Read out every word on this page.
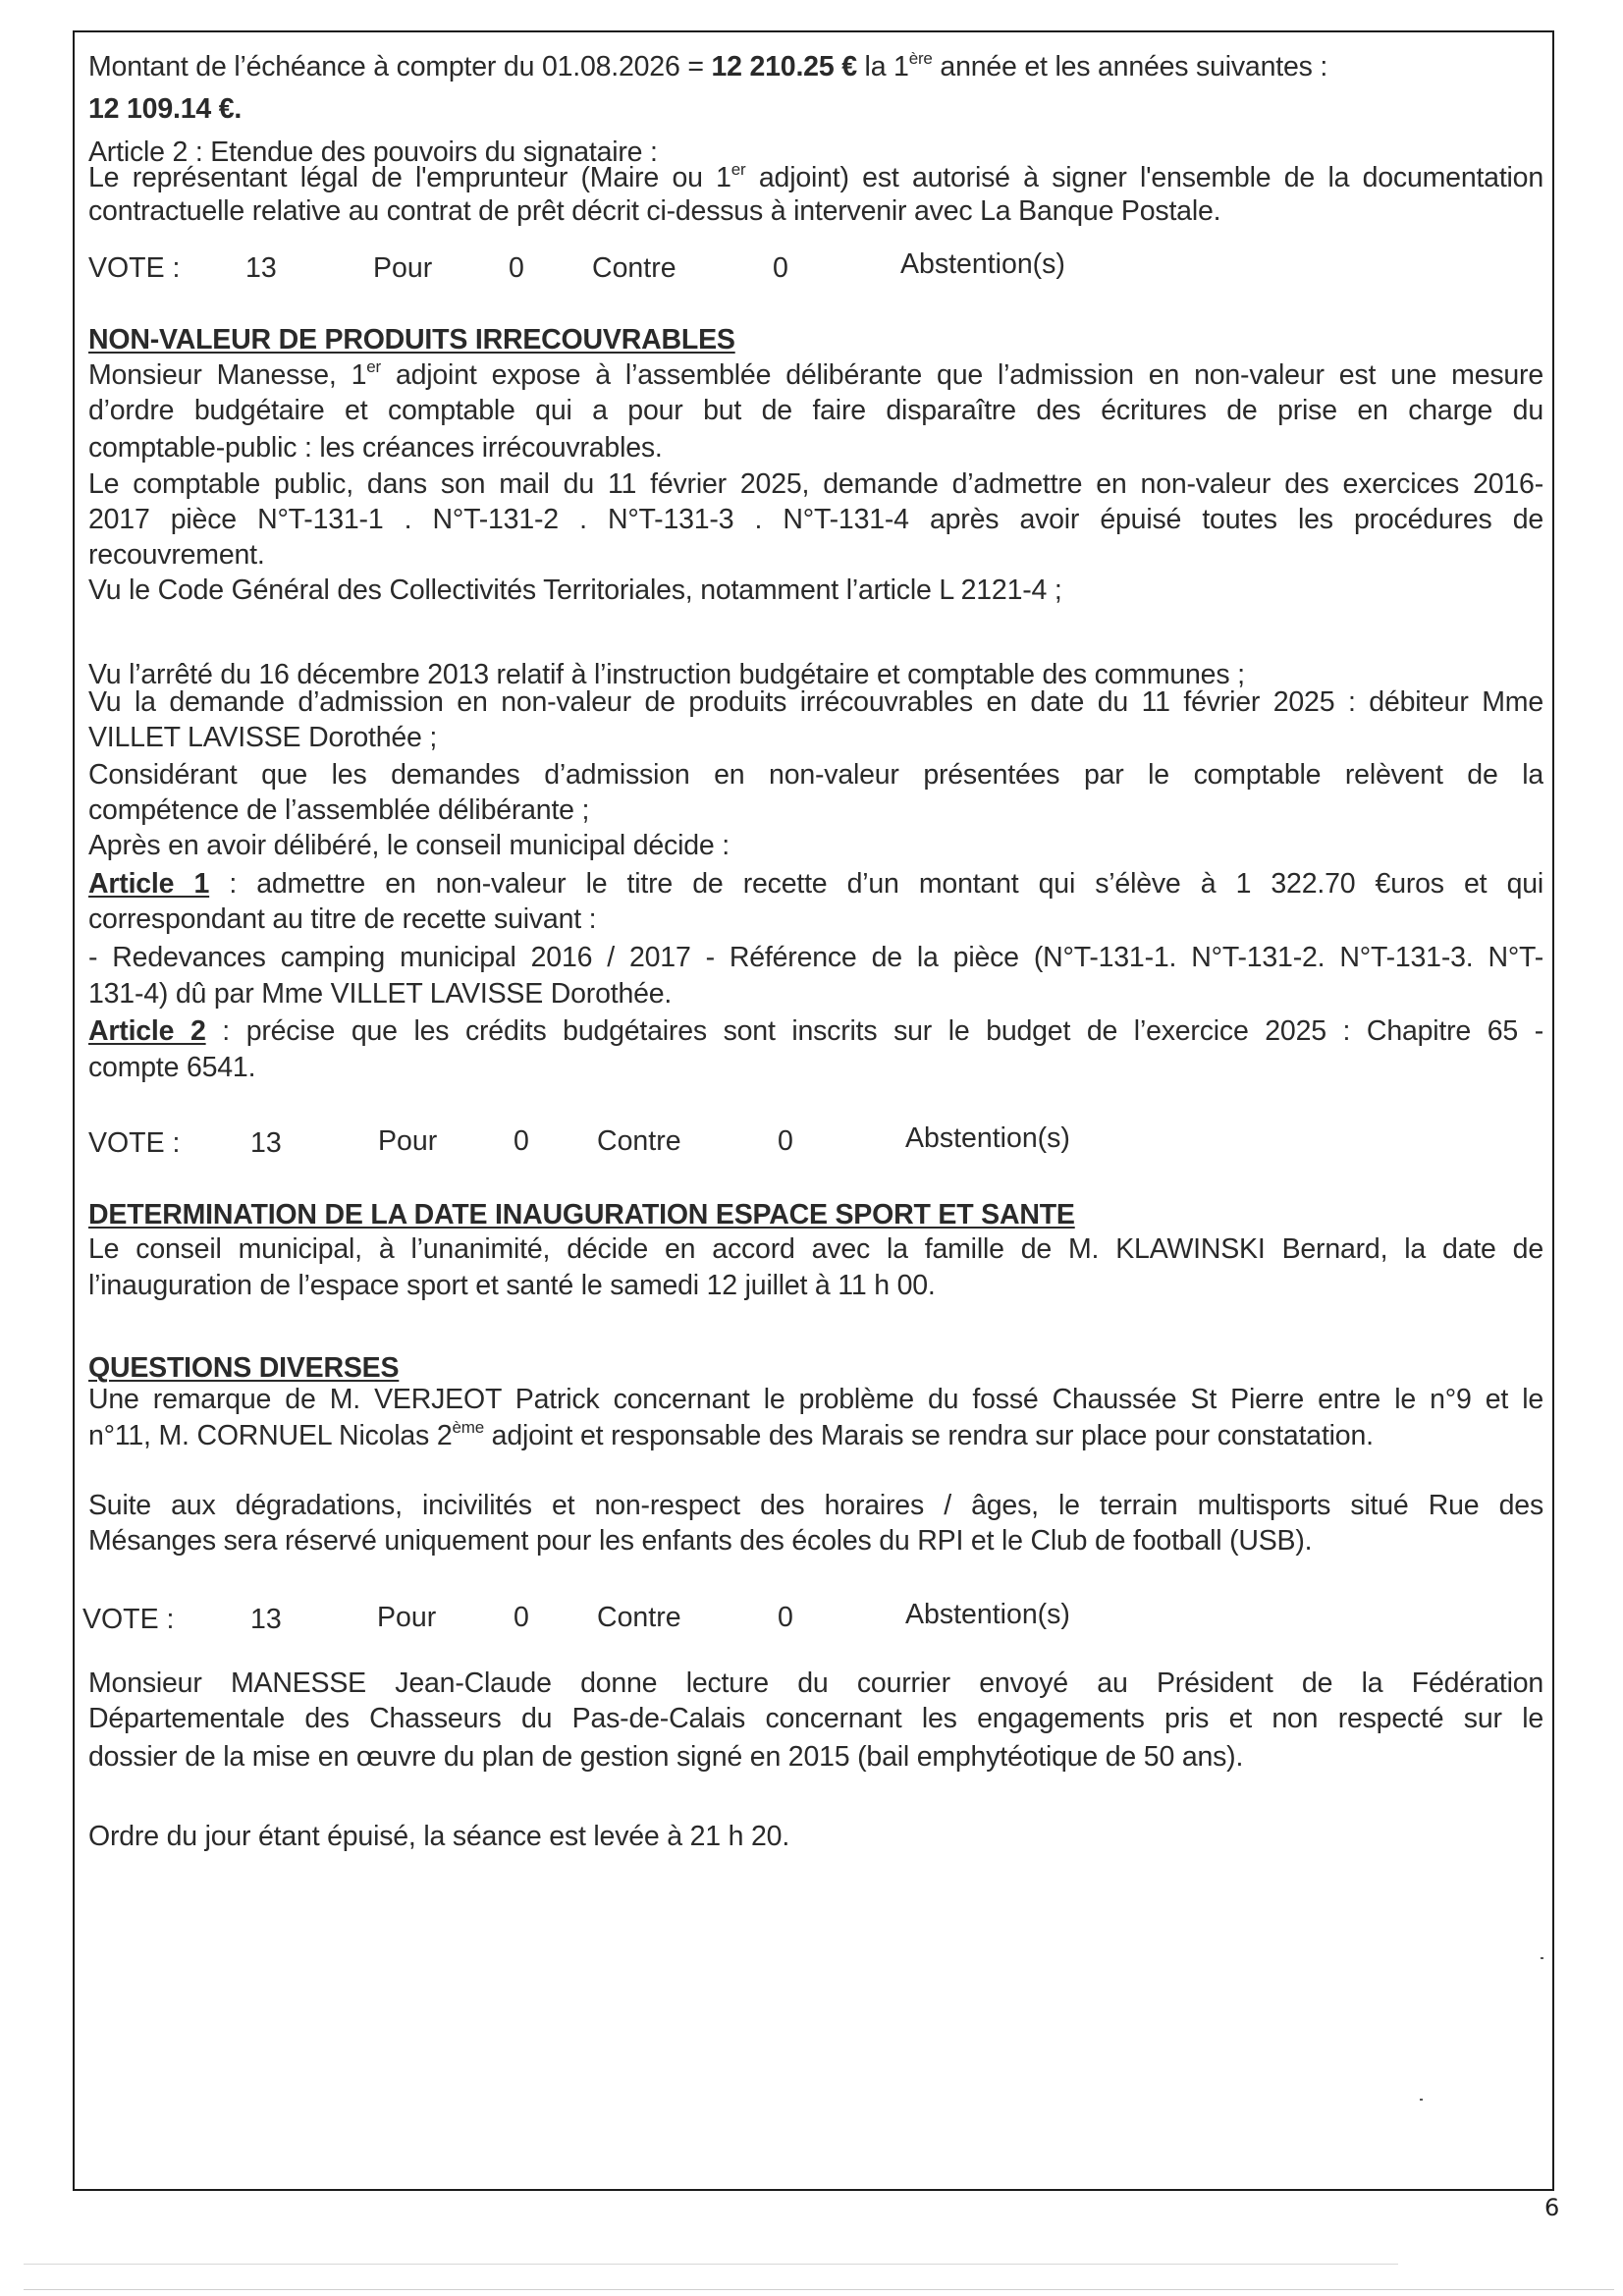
Montant de l’échéance à compter du 01.08.2026 = 12 210.25 € la 1ère année et les années suivantes :
12 109.14 €.
Article 2 : Etendue des pouvoirs du signataire :
Le représentant légal de l'emprunteur (Maire ou 1er adjoint) est autorisé à signer l'ensemble de la documentation
contractuelle relative au contrat de prêt décrit ci-dessus à intervenir avec La Banque Postale.
VOTE : 13	Pour	0 Contre	0	Abstention(s)
NON-VALEUR DE PRODUITS IRRECOUVRABLES
Monsieur Manesse, 1er adjoint expose à l’assemblée délibérante que l’admission en non-valeur est une mesure
d’ordre budgétaire et comptable qui a pour but de faire disparaître des écritures de prise en charge du
comptable-public : les créances irrécouvrables.
Le comptable public, dans son mail du 11 février 2025, demande d’admettre en non-valeur des exercices 2016-
2017 pièce N°T-131-1 . N°T-131-2 . N°T-131-3 . N°T-131-4 après avoir épuisé toutes les procédures de
recouvrement.
Vu le Code Général des Collectivités Territoriales, notamment l’article L 2121-4 ;
Vu l’arrêté du 16 décembre 2013 relatif à l’instruction budgétaire et comptable des communes ;
Vu la demande d’admission en non-valeur de produits irrécouvrables en date du 11 février 2025 : débiteur Mme
VILLET LAVISSE Dorothée ;
Considérant que les demandes d’admission en non-valeur présentées par le comptable relèvent de la
compétence de l’assemblée délibérante ;
Après en avoir délibéré, le conseil municipal décide :
Article 1 : admettre en non-valeur le titre de recette d’un montant qui s’élève à 1 322.70 €uros et qui
correspondant au titre de recette suivant :
- Redevances camping municipal 2016 / 2017 - Référence de la pièce (N°T-131-1. N°T-131-2. N°T-131-3. N°T-
131-4) dû par Mme VILLET LAVISSE Dorothée.
Article 2 : précise que les crédits budgétaires sont inscrits sur le budget de l’exercice 2025 : Chapitre 65 -
compte 6541.
VOTE :	13	Pour	0 Contre	0	Abstention(s)
DETERMINATION DE LA DATE INAUGURATION ESPACE SPORT ET SANTE
Le conseil municipal, à l’unanimité, décide en accord avec la famille de M. KLAWINSKI Bernard, la date de
l’inauguration de l’espace sport et santé le samedi 12 juillet à 11 h 00.
QUESTIONS DIVERSES
Une remarque de M. VERJEOT Patrick concernant le problème du fossé Chaussée St Pierre entre le n°9 et le
n°11, M. CORNUEL Nicolas 2ème adjoint et responsable des Marais se rendra sur place pour constatation.
Suite aux dégradations, incivilités et non-respect des horaires / âges, le terrain multisports situé Rue des
Mésanges sera réservé uniquement pour les enfants des écoles du RPI et le Club de football (USB).
VOTE :	13	Pour	0 Contre	0	Abstention(s)
Monsieur MANESSE Jean-Claude donne lecture du courrier envoyé au Président de la Fédération
Départementale des Chasseurs du Pas-de-Calais concernant les engagements pris et non respecté sur le
dossier de la mise en œuvre du plan de gestion signé en 2015 (bail emphytéotique de 50 ans).
Ordre du jour étant épuisé, la séance est levée à 21 h 20.
6
